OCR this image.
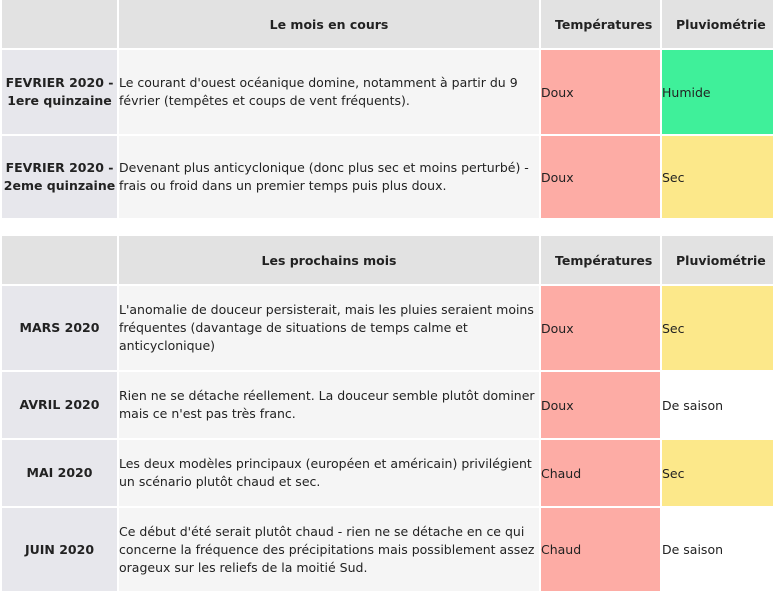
	Le mois en cours	Températures	Pluviométrie
FEVRIER 2020 - 1ere quinzaine	Le courant d'ouest océanique domine, notamment à partir du 9 février (tempêtes et coups de vent fréquents).	Doux	Humide
FEVRIER 2020 - 2eme quinzaine	Devenant plus anticyclonique (donc plus sec et moins perturbé) - frais ou froid dans un premier temps puis plus doux.	Doux	Sec
	Les prochains mois	Températures	Pluviométrie
MARS 2020	L'anomalie de douceur persisterait, mais les pluies seraient moins fréquentes (davantage de situations de temps calme et anticyclonique)	Doux	Sec
AVRIL 2020	Rien ne se détache réellement. La douceur semble plutôt dominer mais ce n'est pas très franc.	Doux	De saison
MAI 2020	Les deux modèles principaux (européen et américain) privilégient un scénario plutôt chaud et sec.	Chaud	Sec
JUIN 2020	Ce début d'été serait plutôt chaud - rien ne se détache en ce qui concerne la fréquence des précipitations mais possiblement assez orageux sur les reliefs de la moitié Sud.	Chaud	De saison
